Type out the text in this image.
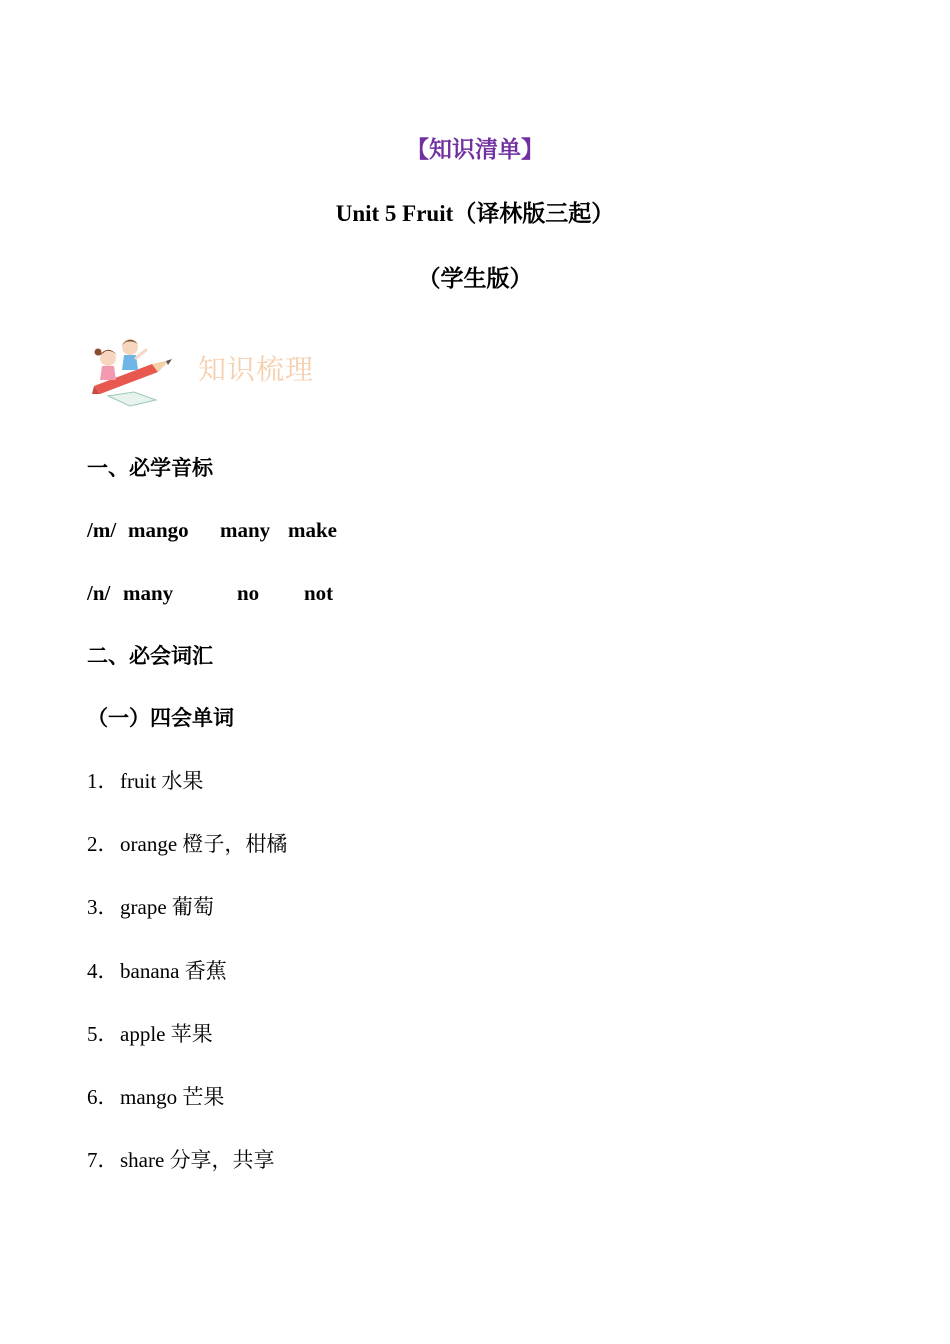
【知识清单】
Unit 5 Fruit（译林版三起）
（学生版）
知识梳理
一、必学音标
/m/ mango many make
/n/ many	no not
二、必会词汇
（一）四会单词
1．fruit 水果
2．orange 橙子，柑橘
3．grape 葡萄
4．banana 香蕉
5．apple 苹果
6．mango 芒果
7．share 分享，共享
